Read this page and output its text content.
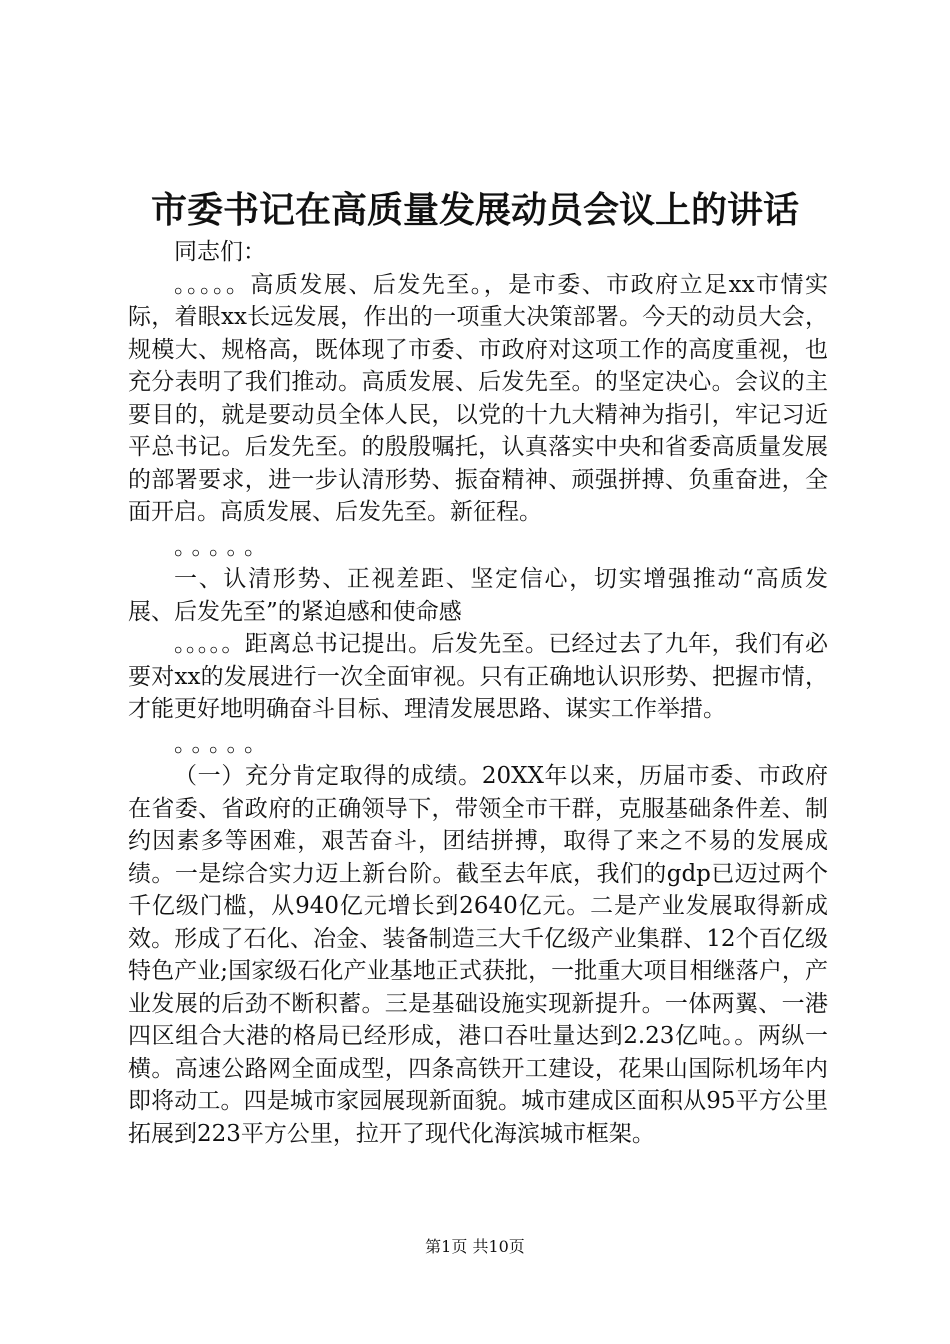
市委书记在高质量发展动员会议上的讲话

同志们：

。。。。。高质发展、后发先至。，是市委、市政府立足xx市情实际，着眼xx长远发展，作出的一项重大决策部署。今天的动员大会，规模大、规格高，既体现了市委、市政府对这项工作的高度重视，也充分表明了我们推动。高质发展、后发先至。的坚定决心。会议的主要目的，就是要动员全体人民，以党的十九大精神为指引，牢记习近平总书记。后发先至。的殷殷嘱托，认真落实中央和省委高质量发展的部署要求，进一步认清形势、振奋精神、顽强拼搏、负重奋进，全面开启。高质发展、后发先至。新征程。

。。。。。

一、认清形势、正视差距、坚定信心，切实增强推动“高质发展、后发先至”的紧迫感和使命感

。。。。。距离总书记提出。后发先至。已经过去了九年，我们有必要对xx的发展进行一次全面审视。只有正确地认识形势、把握市情，才能更好地明确奋斗目标、理清发展思路、谋实工作举措。

。。。。。

（一）充分肯定取得的成绩。20XX年以来，历届市委、市政府在省委、省政府的正确领导下，带领全市干群，克服基础条件差、制约因素多等困难，艰苦奋斗，团结拼搏，取得了来之不易的发展成绩。一是综合实力迈上新台阶。截至去年底，我们的gdp已迈过两个千亿级门槛，从940亿元增长到2640亿元。二是产业发展取得新成效。形成了石化、冶金、装备制造三大千亿级产业集群、12个百亿级特色产业;国家级石化产业基地正式获批，一批重大项目相继落户，产业发展的后劲不断积蓄。三是基础设施实现新提升。一体两翼、一港四区组合大港的格局已经形成，港口吞吐量达到2.23亿吨。。两纵一横。高速公路网全面成型，四条高铁开工建设，花果山国际机场年内即将动工。四是城市家园展现新面貌。城市建成区面积从95平方公里拓展到223平方公里，拉开了现代化海滨城市框架。

第1页 共10页
